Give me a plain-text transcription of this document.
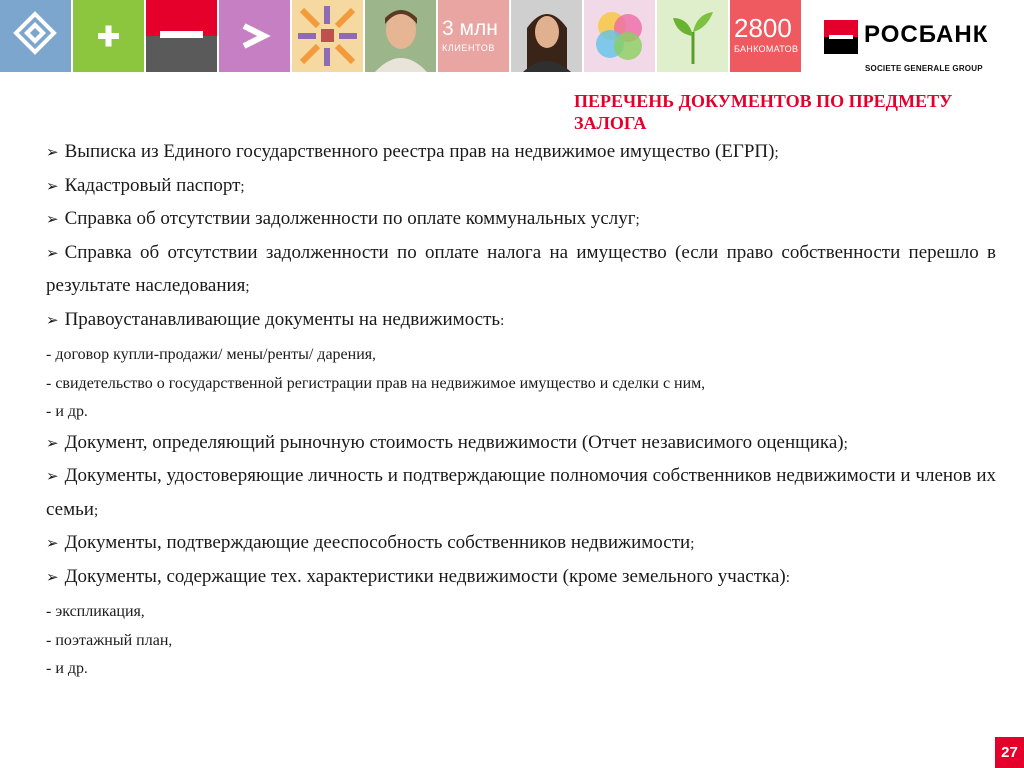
3 млн
КЛИЕНТОВ
2800
БАНКОМАТОВ
РОСБАНК
SOCIETE GENERALE GROUP
ПЕРЕЧЕНЬ ДОКУМЕНТОВ ПО ПРЕДМЕТУ ЗАЛОГА
➢ Выписка из Единого государственного реестра прав на недвижимое имущество (ЕГРП);
➢ Кадастровый паспорт;
➢ Справка об отсутствии задолженности по оплате коммунальных услуг;
➢ Справка об отсутствии задолженности по оплате налога на имущество (если право собственности перешло в результате наследования;
➢ Правоустанавливающие документы на недвижимость:
- договор купли-продажи/ мены/ренты/ дарения,
- свидетельство о государственной регистрации прав на недвижимое имущество и сделки с ним,
- и др.
➢ Документ, определяющий рыночную стоимость недвижимости (Отчет независимого оценщика);
➢ Документы, удостоверяющие личность и подтверждающие полномочия собственников недвижимости и членов их семьи;
➢ Документы, подтверждающие дееспособность собственников недвижимости;
➢ Документы, содержащие тех. характеристики недвижимости (кроме земельного участка):
- экспликация,
- поэтажный план,
- и др.
27
